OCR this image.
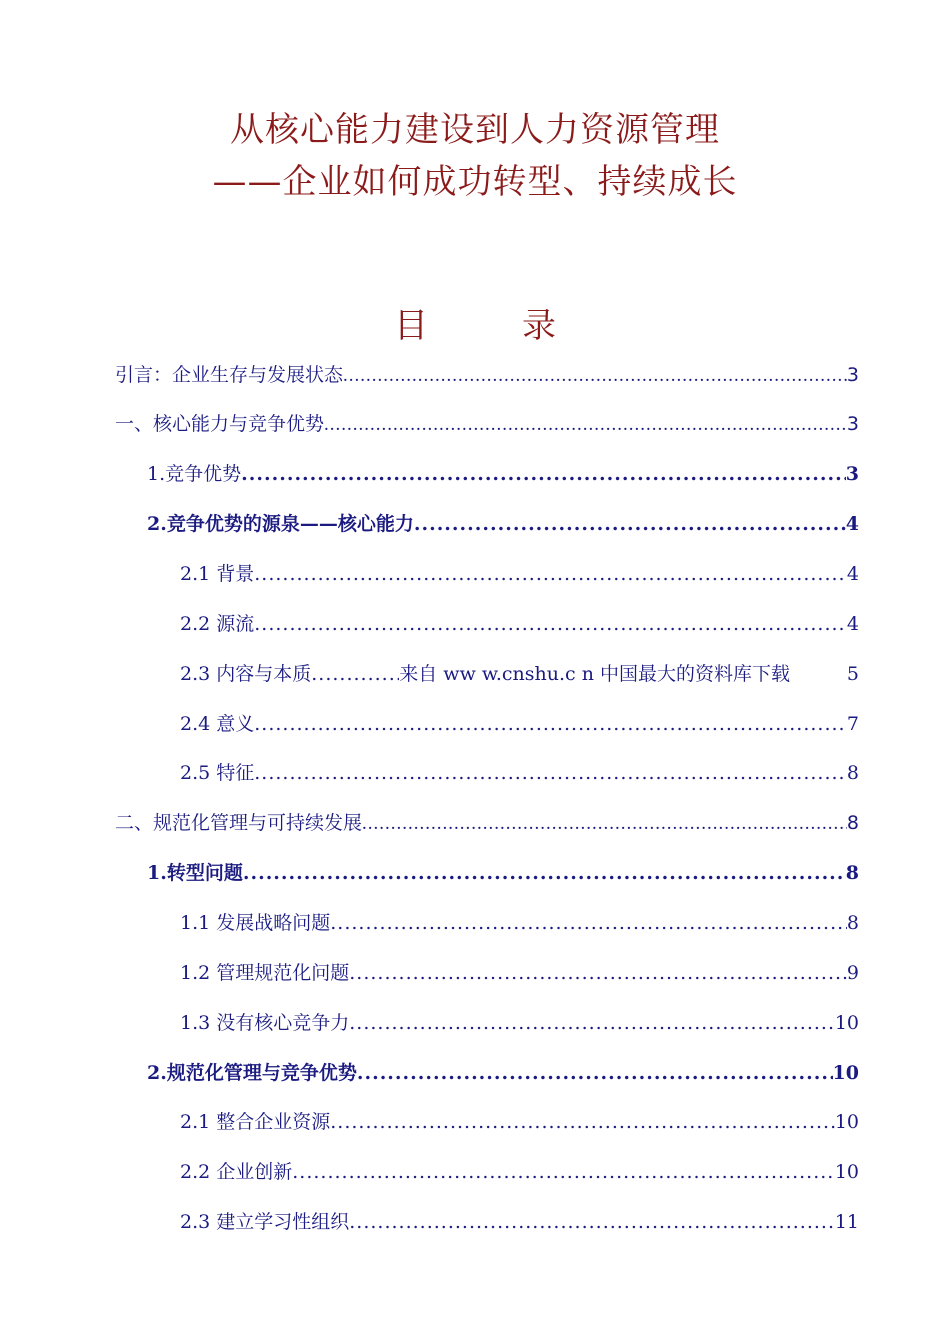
从核心能力建设到人力资源管理
——企业如何成功转型、持续成长
目　录
引言：企业生存与发展状态 .....	3
一、核心能力与竞争优势 .....	3
1.竞争优势 .....	3
2.竞争优势的源泉——核心能力 .....	4
2.1 背景 .....	4
2.2 源流 .....	4
2.3 内容与本质 .....	来自 ww w.cnshu.c n 中国最大的资料库下载	5
2.4 意义 .....	7
2.5 特征 .....	8
二、规范化管理与可持续发展 .....	8
1.转型问题 .....	8
1.1 发展战略问题 .....	8
1.2 管理规范化问题 .....	9
1.3 没有核心竞争力 .....	10
2.规范化管理与竞争优势 .....	10
2.1 整合企业资源 .....	10
2.2 企业创新 .....	10
2.3 建立学习性组织 .....	11
